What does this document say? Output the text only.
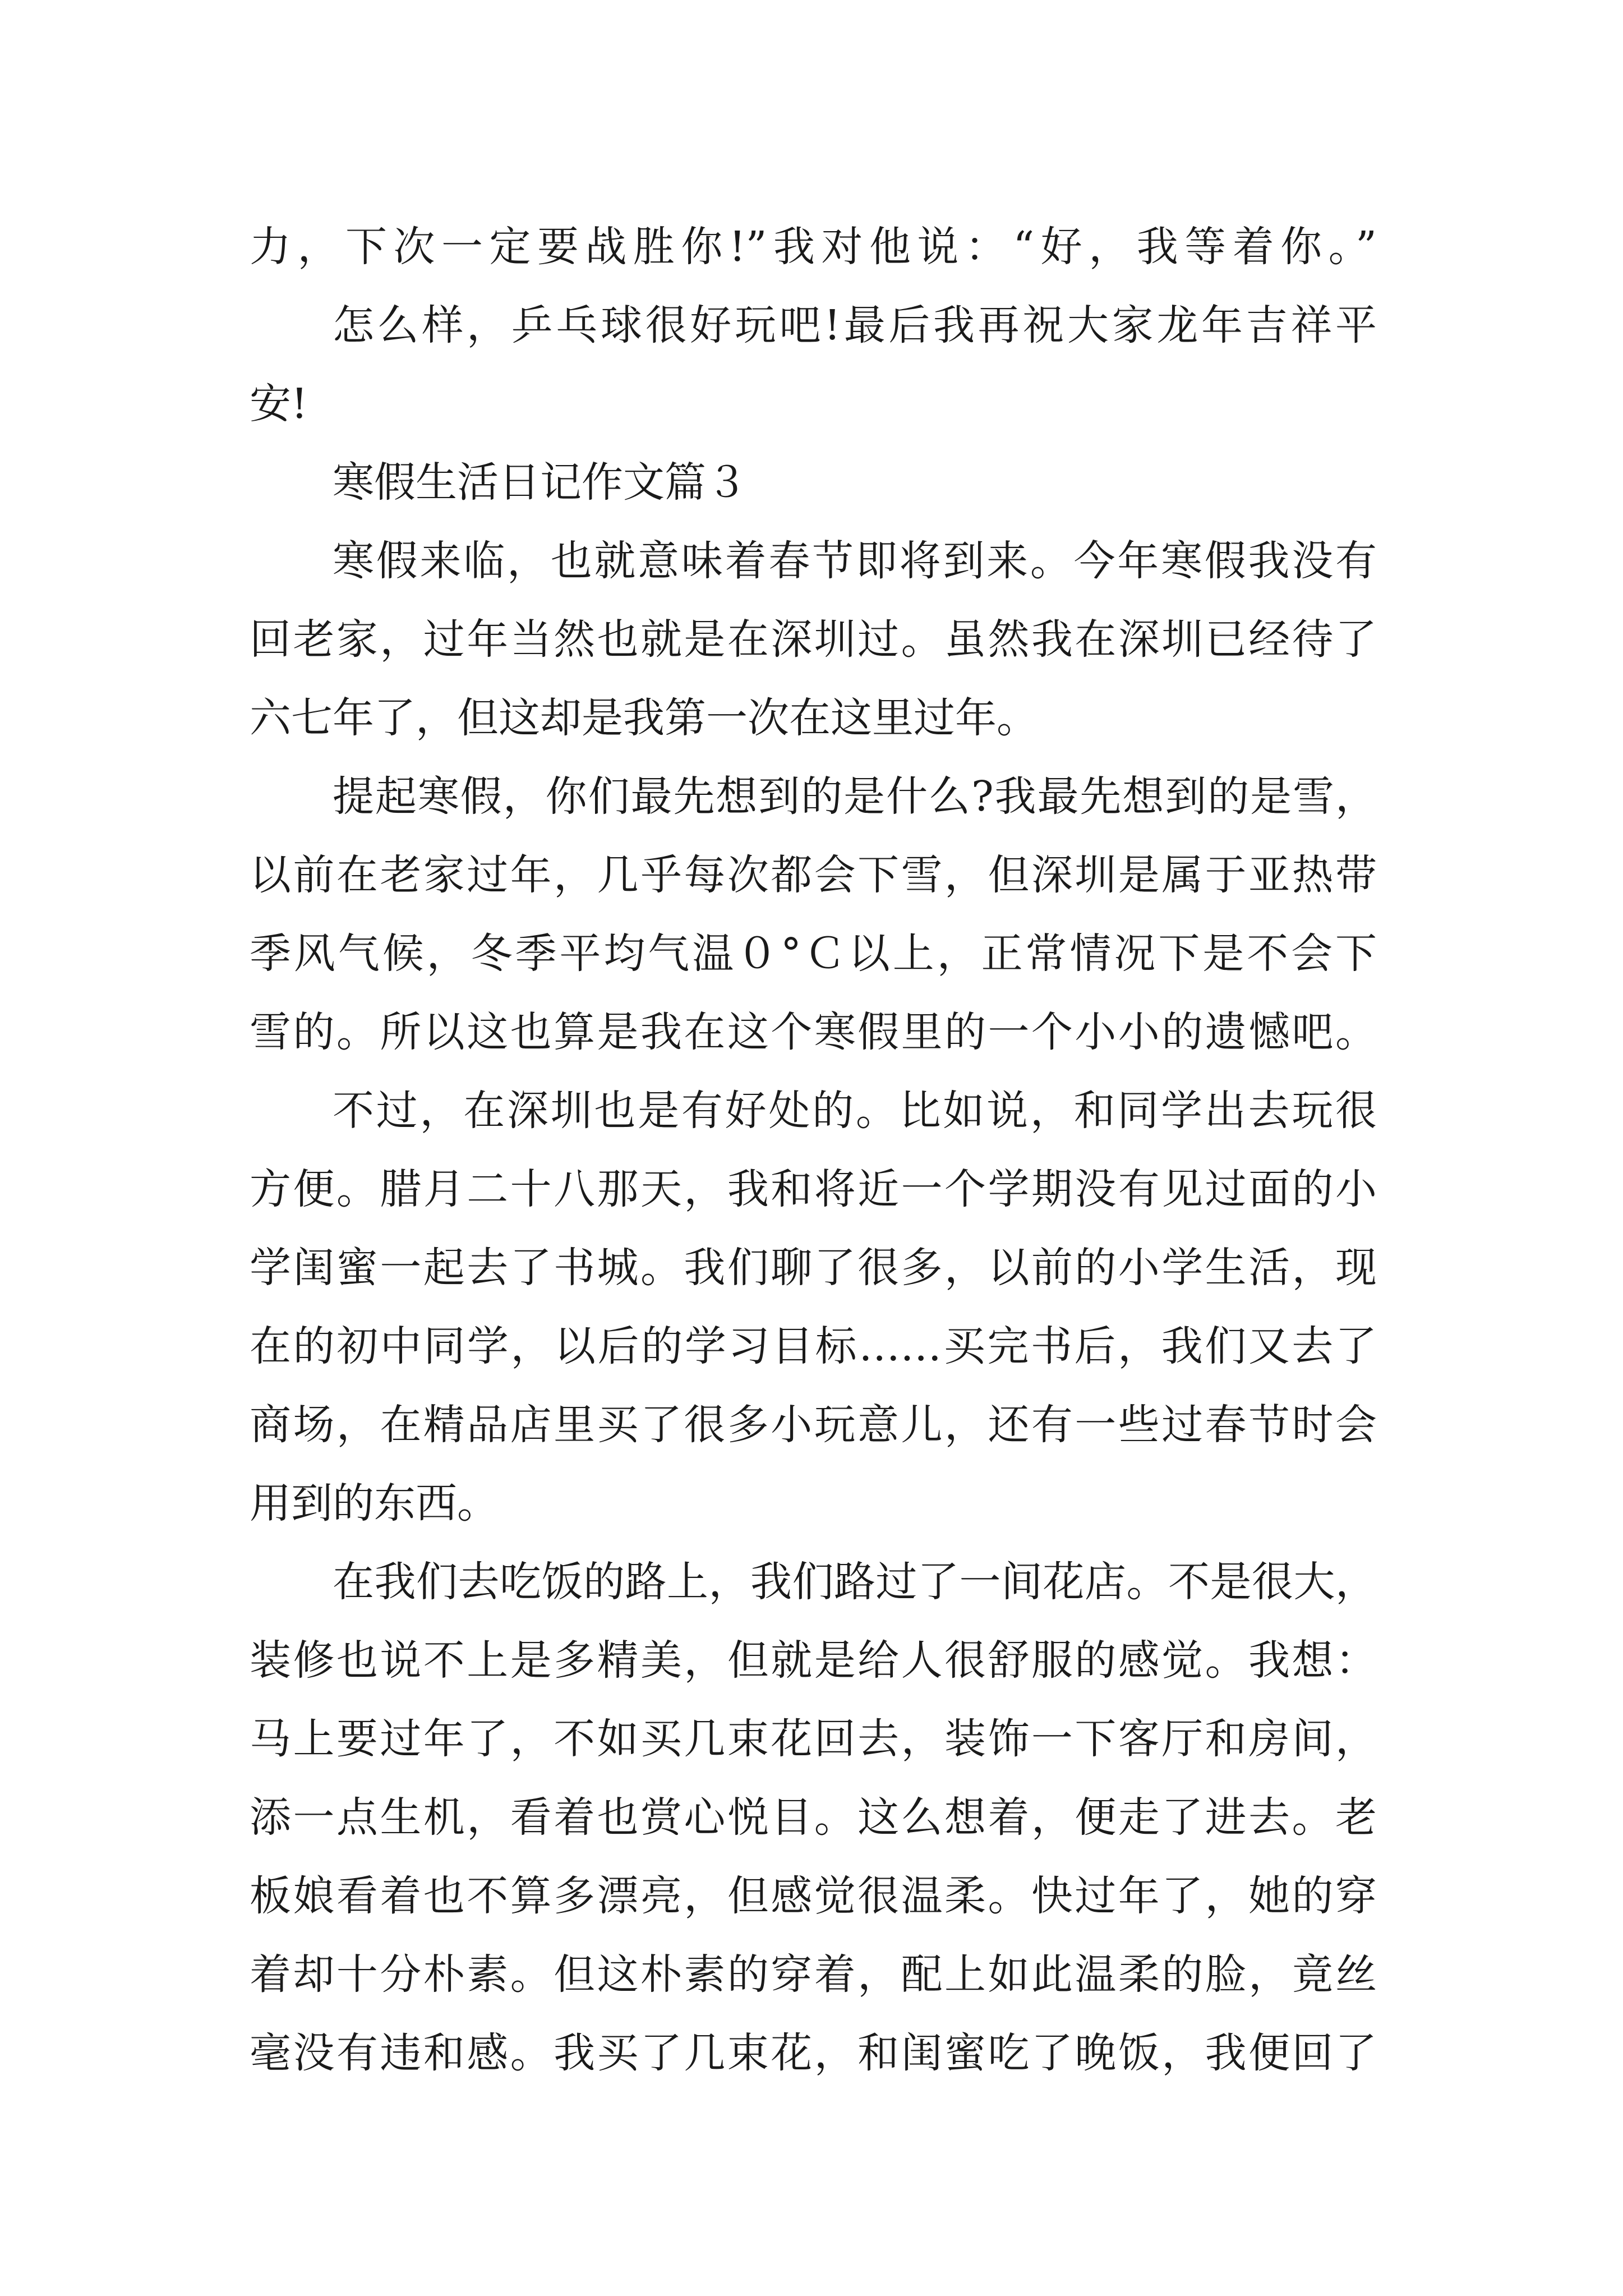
力，下次一定要战胜你!”我对他说：“好，我等着你。”
怎么样，乒乓球很好玩吧!最后我再祝大家龙年吉祥平
安!
寒假生活日记作文篇３
寒假来临，也就意味着春节即将到来。今年寒假我没有
回老家，过年当然也就是在深圳过。虽然我在深圳已经待了
六七年了，但这却是我第一次在这里过年。
提起寒假，你们最先想到的是什么?我最先想到的是雪，
以前在老家过年，几乎每次都会下雪，但深圳是属于亚热带
季风气候，冬季平均气温０°Ｃ以上，正常情况下是不会下
雪的。所以这也算是我在这个寒假里的一个小小的遗憾吧。
不过，在深圳也是有好处的。比如说，和同学出去玩很
方便。腊月二十八那天，我和将近一个学期没有见过面的小
学闺蜜一起去了书城。我们聊了很多，以前的小学生活，现
在的初中同学，以后的学习目标……买完书后，我们又去了
商场，在精品店里买了很多小玩意儿，还有一些过春节时会
用到的东西。
在我们去吃饭的路上，我们路过了一间花店。不是很大，
装修也说不上是多精美，但就是给人很舒服的感觉。我想：
马上要过年了，不如买几束花回去，装饰一下客厅和房间，
添一点生机，看着也赏心悦目。这么想着，便走了进去。老
板娘看着也不算多漂亮，但感觉很温柔。快过年了，她的穿
着却十分朴素。但这朴素的穿着，配上如此温柔的脸，竟丝
毫没有违和感。我买了几束花，和闺蜜吃了晚饭，我便回了
